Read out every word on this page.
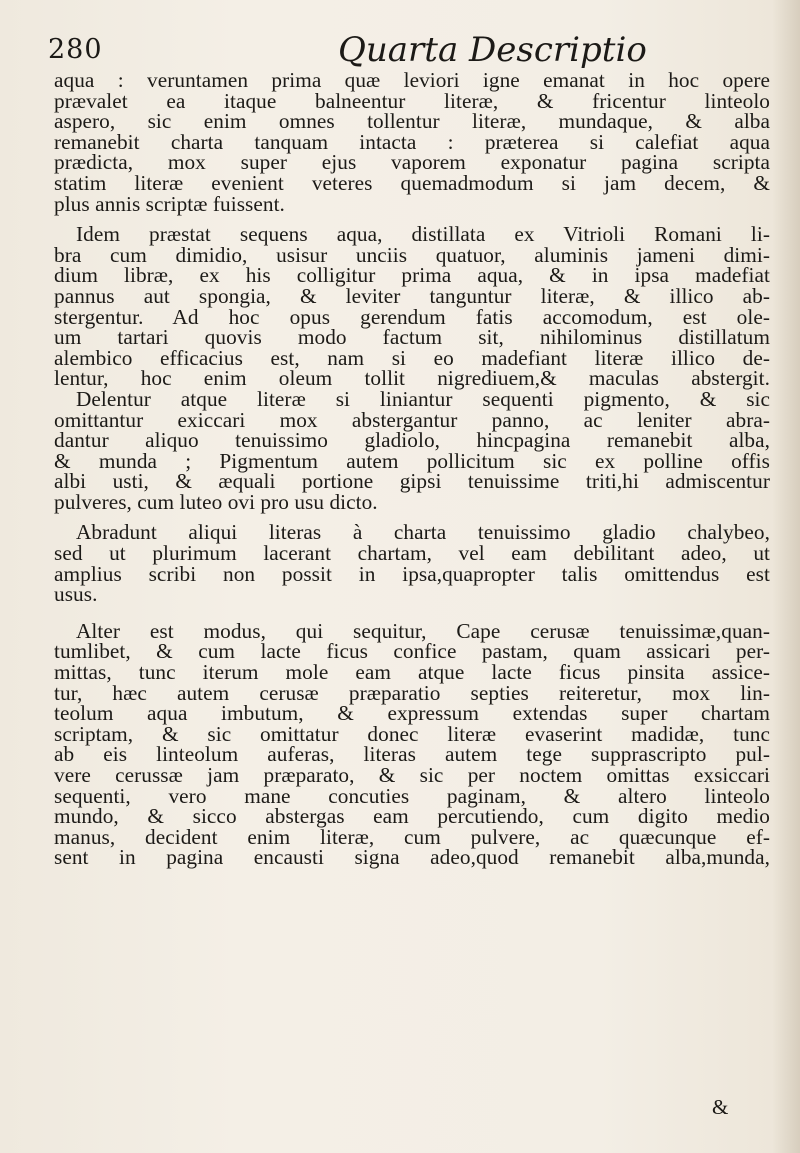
280	Quarta Descriptio
aqua : veruntamen prima quæ leviori igne emanat in hoc opere
prævalet ea itaque balneentur literæ, & fricentur linteolo
aspero, sic enim omnes tollentur literæ, mundaque, & alba
remanebit charta tanquam intacta : præterea si calefiat aqua
prædicta, mox super ejus vaporem exponatur pagina scripta
statim literæ evenient veteres quemadmodum si jam decem, &
plus annis scriptæ fuissent.
Idem præstat sequens aqua, distillata ex Vitrioli Romani li-
bra cum dimidio, usisur unciis quatuor, aluminis jameni dimi-
dium libræ, ex his colligitur prima aqua, & in ipsa madefiat
pannus aut spongia, & leviter tanguntur literæ, & illico ab-
stergentur. Ad hoc opus gerendum fatis accomodum, est ole-
um tartari quovis modo factum sit, nihilominus distillatum
alembico efficacius est, nam si eo madefiant literæ illico de-
lentur, hoc enim oleum tollit nigrediuem,& maculas abstergit.
Delentur atque literæ si liniantur sequenti pigmento, & sic
omittantur exiccari mox abstergantur panno, ac leniter abra-
dantur aliquo tenuissimo gladiolo, hincpagina remanebit alba,
& munda ; Pigmentum autem pollicitum sic ex polline offis
albi usti, & æquali portione gipsi tenuissime triti,hi admiscentur
pulveres, cum luteo ovi pro usu dicto.
Abradunt aliqui literas à charta tenuissimo gladio chalybeo,
sed ut plurimum lacerant chartam, vel eam debilitant adeo, ut
amplius scribi non possit in ipsa,quapropter talis omittendus est
usus.
Alter est modus, qui sequitur, Cape cerusæ tenuissimæ,quan-
tumlibet, & cum lacte ficus confice pastam, quam assicari per-
mittas, tunc iterum mole eam atque lacte ficus pinsita assice-
tur, hæc autem cerusæ præparatio septies reiteretur, mox lin-
teolum aqua imbutum, & expressum extendas super chartam
scriptam, & sic omittatur donec literæ evaserint madidæ, tunc
ab eis linteolum auferas, literas autem tege supprascripto pul-
vere cerussæ jam præparato, & sic per noctem omittas exsiccari
sequenti, vero mane concuties paginam, & altero linteolo
mundo, & sicco abstergas eam percutiendo, cum digito medio
manus, decident enim literæ, cum pulvere, ac quæcunque ef-
sent in pagina encausti signa adeo,quod remanebit alba,munda,
&
